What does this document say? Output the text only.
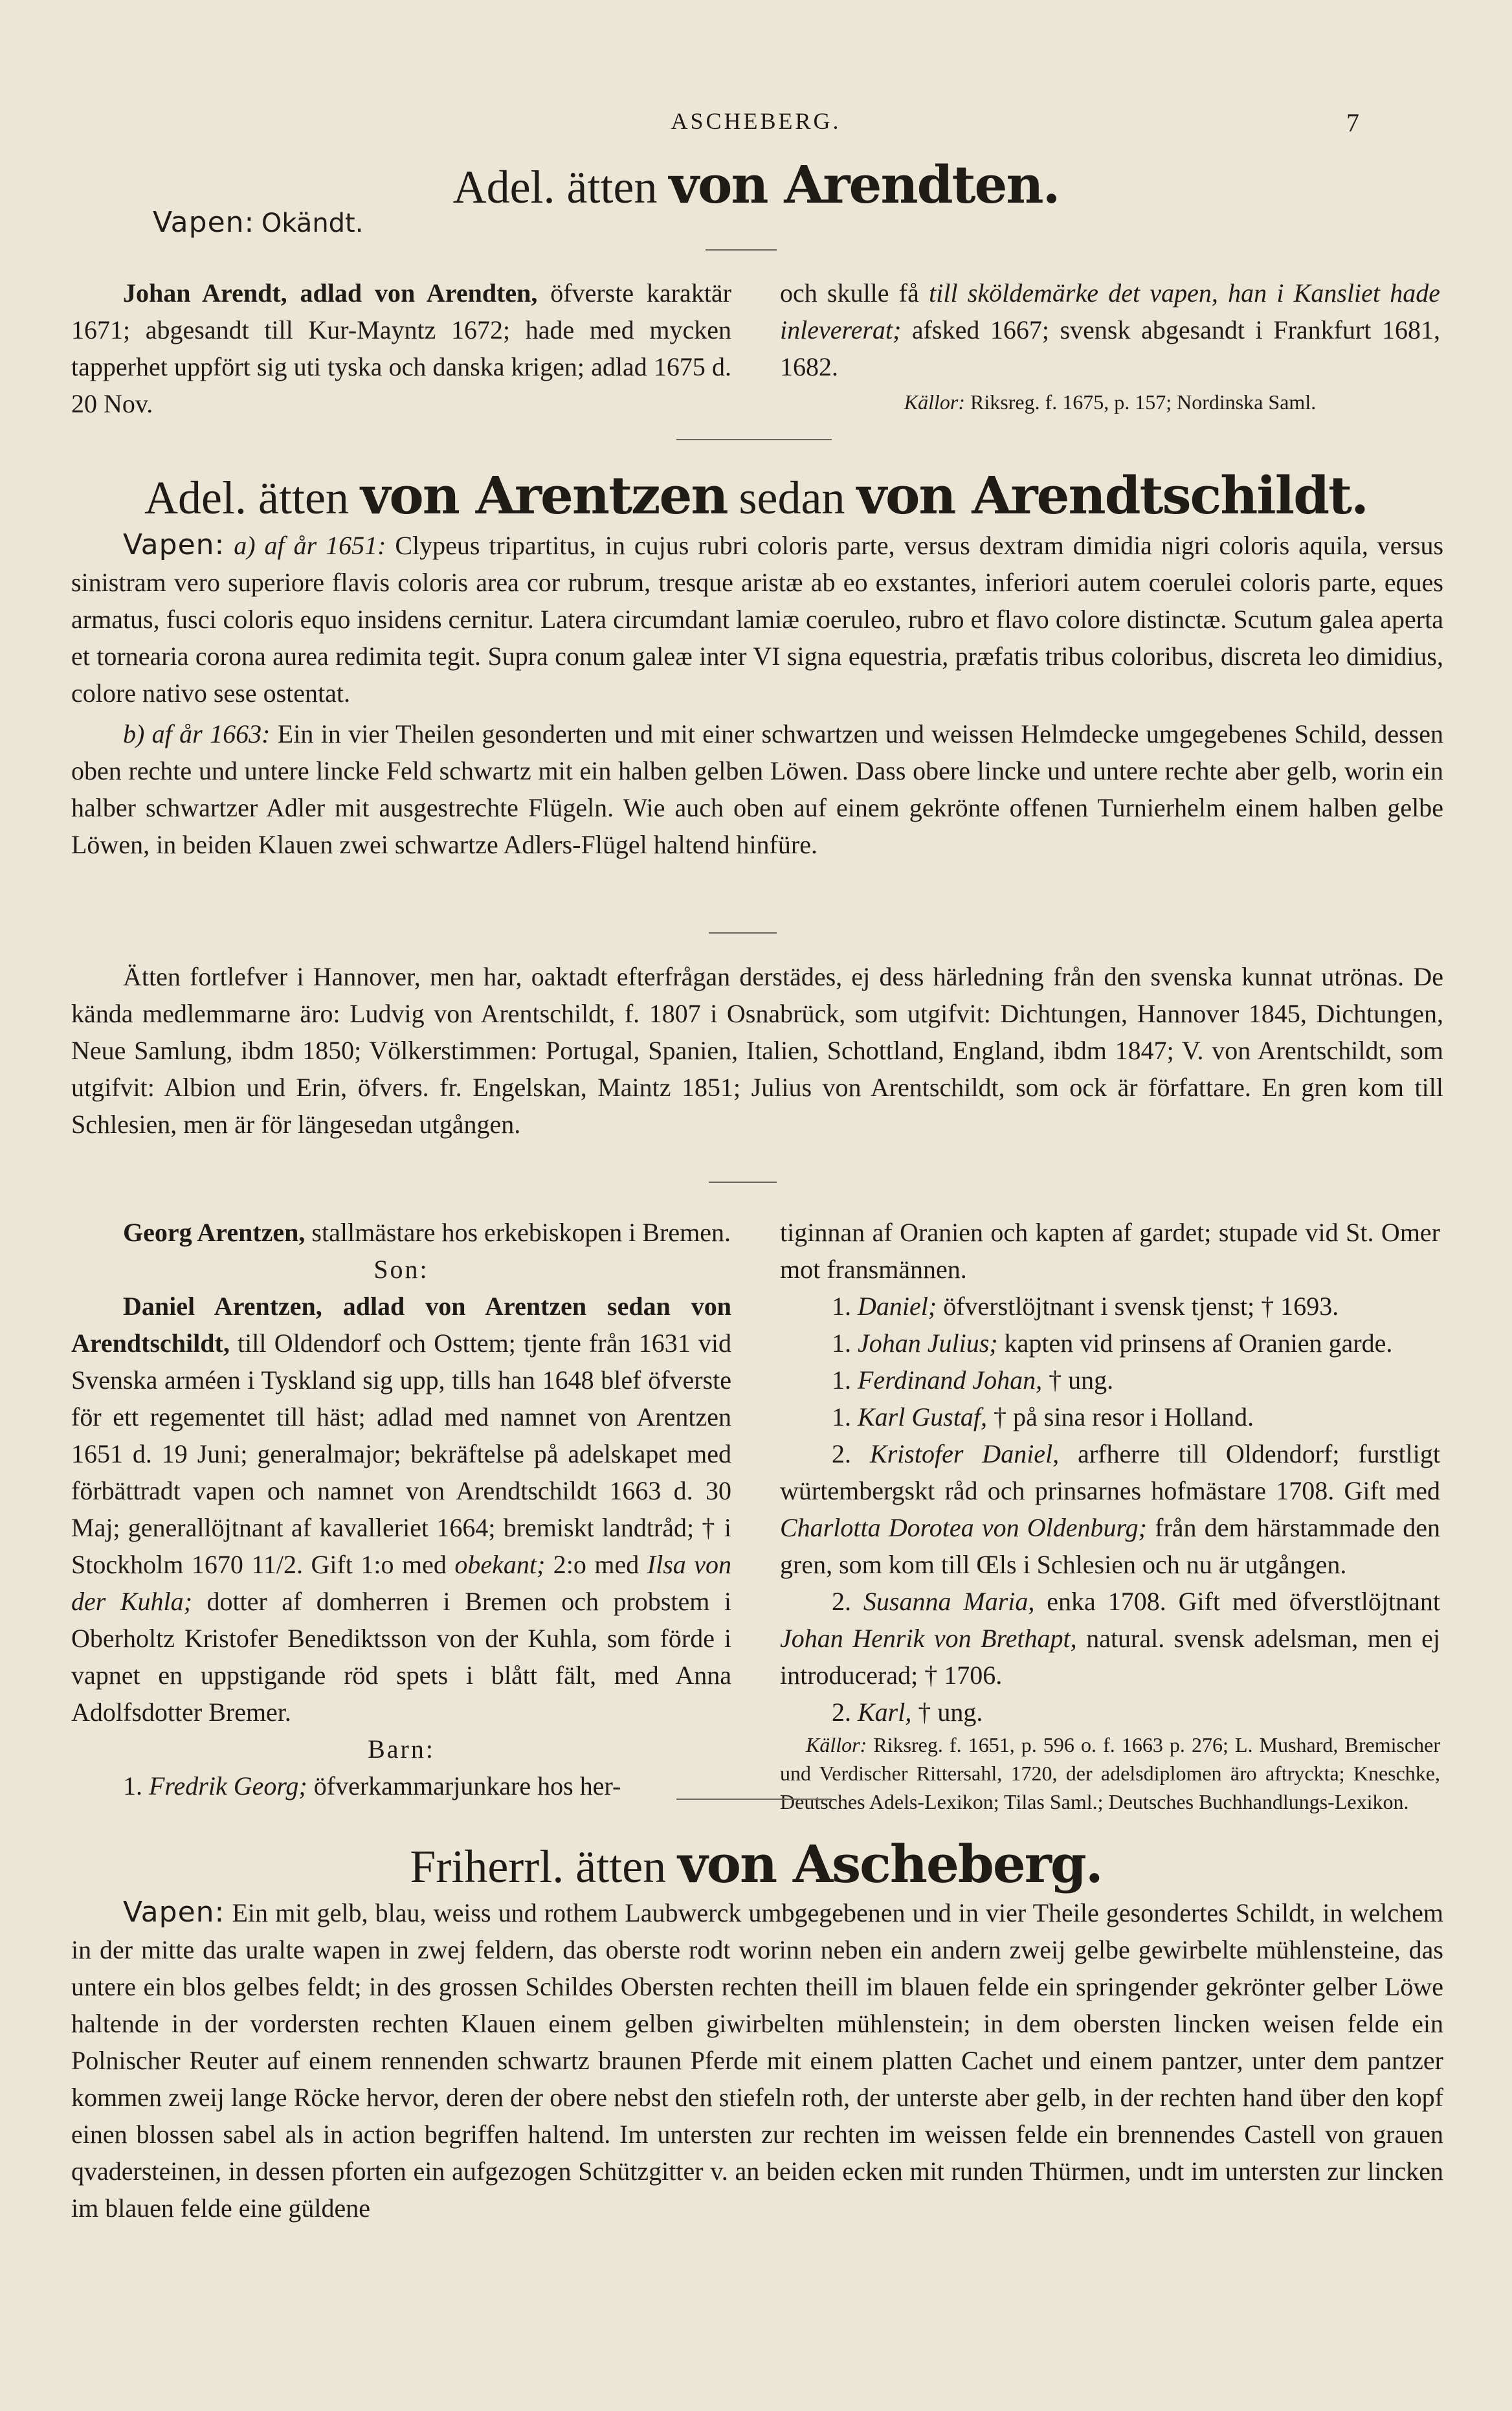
ASCHEBERG.	7
Adel. ätten von Arendten.
Vapen: Okändt.

Johan Arendt, adlad von Arendten, öfverste karaktär 1671; abgesandt till Kur-Mayntz 1672; hade med mycken tapperhet uppfört sig uti tyska och danska krigen; adlad 1675 d. 20 Nov.

och skulle få till sköldemärke det vapen, han i Kansliet hade inlevererat; afsked 1667; svensk abgesandt i Frankfurt 1681, 1682.

Källor: Riksreg. f. 1675, p. 157; Nordinska Saml.

Adel. ätten von Arentzen sedan von Arendtschildt.

Vapen: a) af år 1651: Clypeus tripartitus, in cujus rubri coloris parte, versus dextram dimidia nigri coloris aquila, versus sinistram vero superiore flavis coloris area cor rubrum, tresque aristæ ab eo exstantes, inferiori autem coerulei coloris parte, eques armatus, fusci coloris equo insidens cernitur. Latera circumdant lamiæ coeruleo, rubro et flavo colore distinctæ. Scutum galea aperta et tornearia corona aurea redimita tegit. Supra conum galeæ inter VI signa equestria, præfatis tribus coloribus, discreta leo dimidius, colore nativo sese ostentat.

b) af år 1663: Ein in vier Theilen gesonderten und mit einer schwartzen und weissen Helmdecke umgegebenes Schild, dessen oben rechte und untere lincke Feld schwartz mit ein halben gelben Löwen. Dass obere lincke und untere rechte aber gelb, worin ein halber schwartzer Adler mit ausgestrechte Flügeln. Wie auch oben auf einem gekrönte offenen Turnierhelm einem halben gelbe Löwen, in beiden Klauen zwei schwartze Adlers-Flügel haltend hinfüre.

Ätten fortlefver i Hannover, men har, oaktadt efterfrågan derstädes, ej dess härledning från den svenska kunnat utrönas. De kända medlemmarne äro: Ludvig von Arentschildt, f. 1807 i Osnabrück, som utgifvit: Dichtungen, Hannover 1845, Dichtungen, Neue Samlung, ibdm 1850; Völkerstimmen: Portugal, Spanien, Italien, Schottland, England, ibdm 1847; V. von Arentschildt, som utgifvit: Albion und Erin, öfvers. fr. Engelskan, Maintz 1851; Julius von Arentschildt, som ock är författare. En gren kom till Schlesien, men är för längesedan utgången.

Georg Arentzen, stallmästare hos erkebiskopen i Bremen.

Son:

Daniel Arentzen, adlad von Arentzen sedan von Arendtschildt, till Oldendorf och Osttem; tjente från 1631 vid Svenska arméen i Tyskland sig upp, tills han 1648 blef öfverste för ett regementet till häst; adlad med namnet von Arentzen 1651 d. 19 Juni; generalmajor; bekräftelse på adelskapet med förbättradt vapen och namnet von Arendtschildt 1663 d. 30 Maj; generallöjtnant af kavalleriet 1664; bremiskt landtråd; † i Stockholm 1670 11/2. Gift 1:o med obekant; 2:o med Ilsa von der Kuhla; dotter af domherren i Bremen och probstem i Oberholtz Kristofer Benediktsson von der Kuhla, som förde i vapnet en uppstigande röd spets i blått fält, med Anna Adolfsdotter Bremer.

Barn:

1. Fredrik Georg; öfverkammarjunkare hos her-

tiginnan af Oranien och kapten af gardet; stupade vid St. Omer mot fransmännen.

1. Daniel; öfverstlöjtnant i svensk tjenst; † 1693.

1. Johan Julius; kapten vid prinsens af Oranien garde.

1. Ferdinand Johan, † ung.

1. Karl Gustaf, † på sina resor i Holland.

2. Kristofer Daniel, arfherre till Oldendorf; furstligt würtembergskt råd och prinsarnes hofmästare 1708. Gift med Charlotta Dorotea von Oldenburg; från dem härstammade den gren, som kom till Œls i Schlesien och nu är utgången.

2. Susanna Maria, enka 1708. Gift med öfverstlöjtnant Johan Henrik von Brethapt, natural. svensk adelsman, men ej introducerad; † 1706.

2. Karl, † ung.

Källor: Riksreg. f. 1651, p. 596 o. f. 1663 p. 276; L. Mushard, Bremischer und Verdischer Rittersahl, 1720, der adelsdiplomen äro aftryckta; Kneschke, Deutsches Adels-Lexikon; Tilas Saml.; Deutsches Buchhandlungs-Lexikon.

Friherrl. ätten von Ascheberg.

Vapen: Ein mit gelb, blau, weiss und rothem Laubwerck umbgegebenen und in vier Theile gesondertes Schildt, in welchem in der mitte das uralte wapen in zwej feldern, das oberste rodt worinn neben ein andern zweij gelbe gewirbelte mühlensteine, das untere ein blos gelbes feldt; in des grossen Schildes Obersten rechten theill im blauen felde ein springender gekrönter gelber Löwe haltende in der vordersten rechten Klauen einem gelben giwirbelten mühlenstein; in dem obersten lincken weisen felde ein Polnischer Reuter auf einem rennenden schwartz braunen Pferde mit einem platten Cachet und einem pantzer, unter dem pantzer kommen zweij lange Röcke hervor, deren der obere nebst den stiefeln roth, der unterste aber gelb, in der rechten hand über den kopf einen blossen sabel als in action begriffen haltend. Im untersten zur rechten im weissen felde ein brennendes Castell von grauen qvadersteinen, in dessen pforten ein aufgezogen Schützgitter v. an beiden ecken mit runden Thürmen, undt im untersten zur lincken im blauen felde eine güldene
